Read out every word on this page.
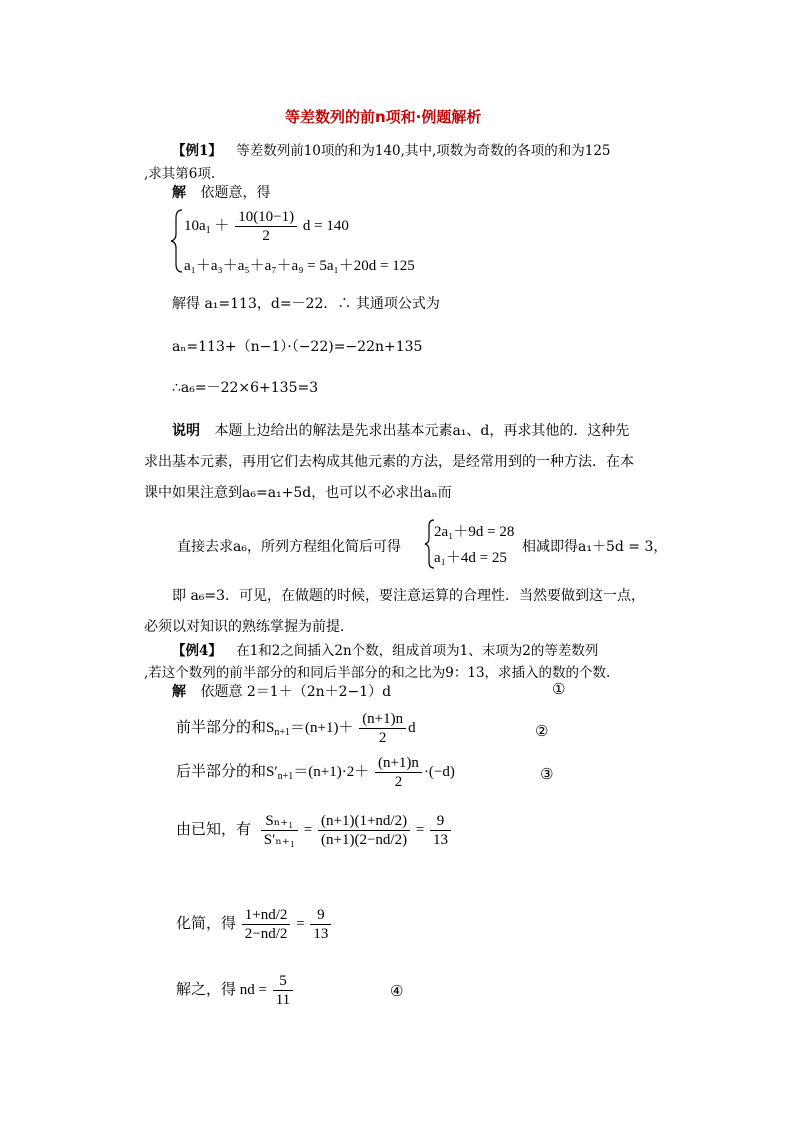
等差数列的前n项和·例题解析
【例1】 等差数列前10项的和为140,其中,项数为奇数的各项的和为125
,求其第6项.
解 依题意，得
$10a_1 + \frac{10(10-1)}{2}$ d = 140
a₁＋a₃＋a₅＋a₇＋a₉ = 5a₁＋20d = 125
解得 a₁=113，d=－22．∴ 其通项公式为
aₙ=113+（n−1）·（−22)=−22n+135
∴a₆=－22×6+135=3
说明 本题上边给出的解法是先求出基本元素a₁、d，再求其他的．这种先
求出基本元素，再用它们去构成其他元素的方法，是经常用到的一种方法．在本
课中如果注意到a₆=a₁+5d，也可以不必求出aₙ而
直接去求a₆，所列方程组化简后可得
2a₁＋9d = 28
a₁＋4d = 25
相减即得a₁＋5d = 3，
即 a₆=3．可见，在做题的时候，要注意运算的合理性．当然要做到这一点，
必须以对知识的熟练掌握为前提．
【例4】 在1和2之间插入2n个数，组成首项为1、末项为2的等差数列
,若这个数列的前半部分的和同后半部分的和之比为9：13，求插入的数的个数.
解 依题意 2＝1＋（2n＋2−1）d	①
前半部分的和$S_{n+1}=(n+1)+ \frac{(n+1)n}{2}$ d	②
后半部分的和$S'_{n+1}=(n+1)\cdot 2+ \frac{(n+1)n}{2} \cdot(-d)$	③
由已知，有 $\frac{\text{Sₙ₊₁}}{\text{S′ₙ₊₁}} = \frac{(n+1)(1+nd/2)}{(n+1)(2-nd/2)} = \frac{9}{13}$
化简，得 $\frac{1+nd/2}{2-nd/2} = \frac{9}{13}$
解之，得 nd = $\frac{5}{11}$	④
